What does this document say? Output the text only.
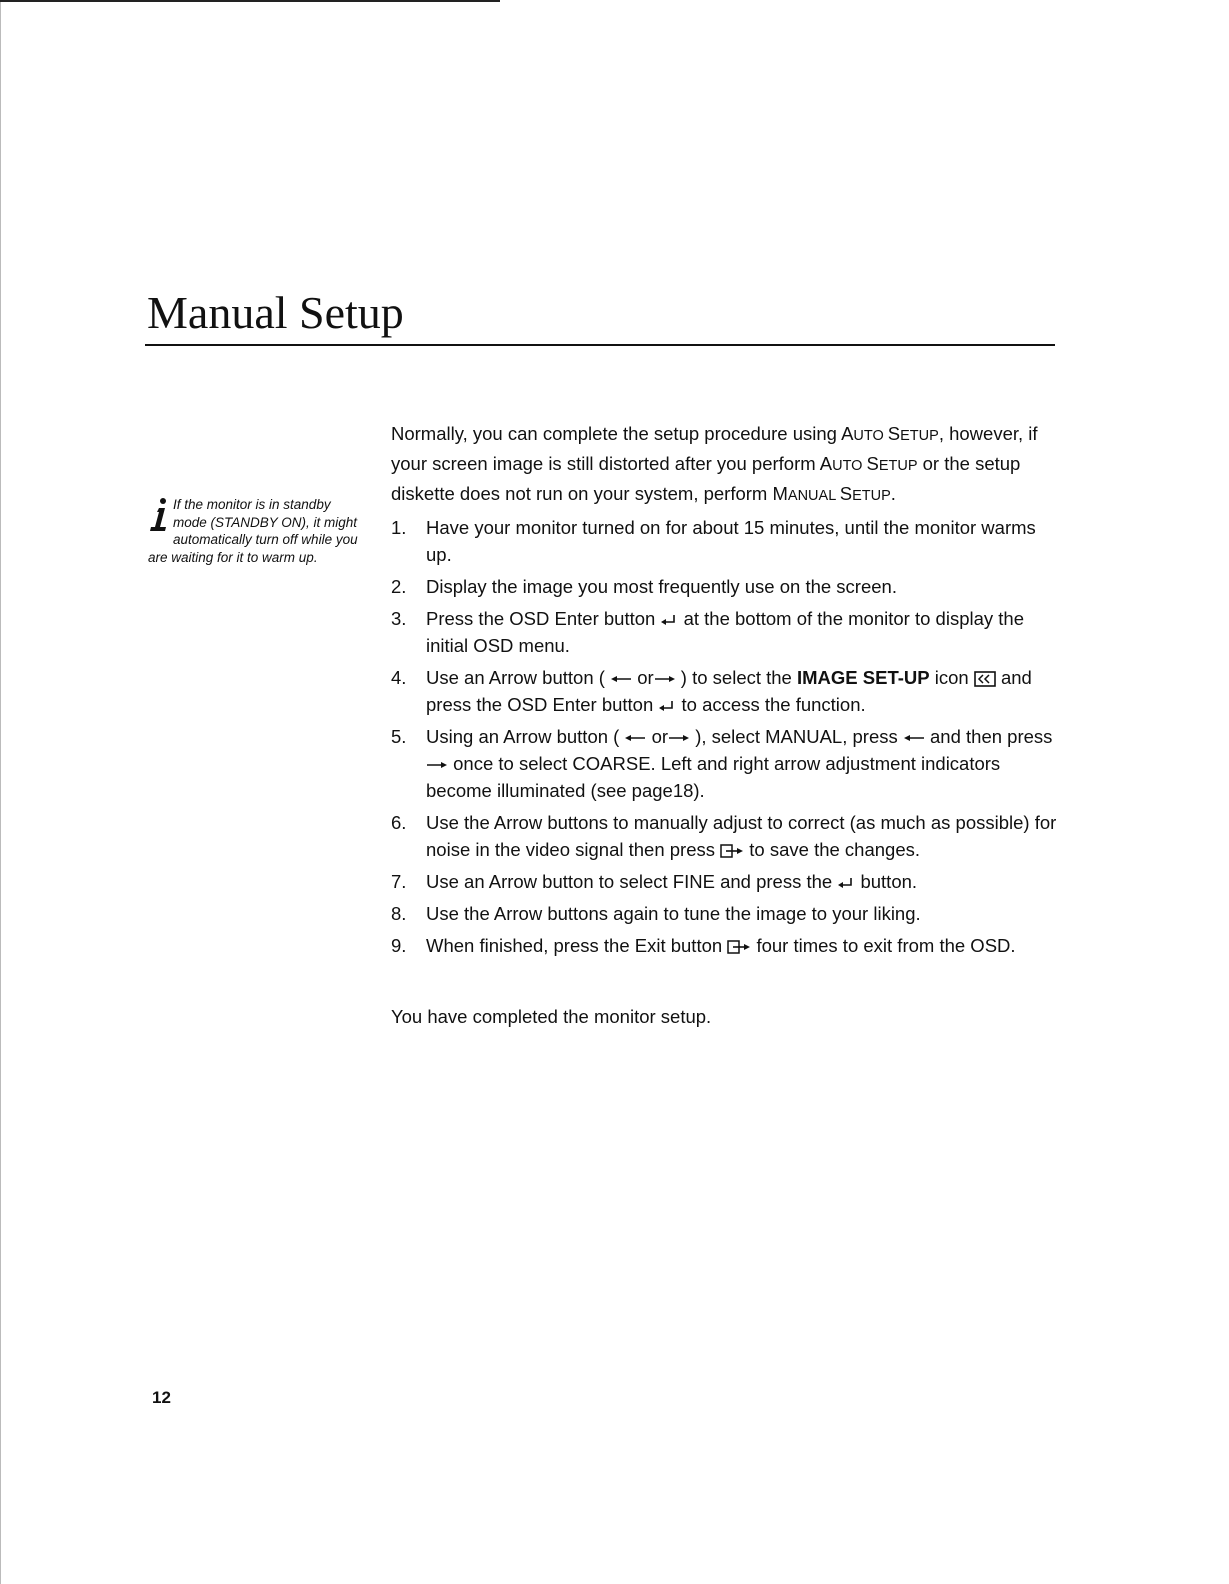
Manual Setup

If the monitor is in standby mode (STANDBY ON), it might automatically turn off while you are waiting for it to warm up.

Normally, you can complete the setup procedure using AUTO SETUP, however, if your screen image is still distorted after you perform AUTO SETUP or the setup diskette does not run on your system, perform MANUAL SETUP.

1. Have your monitor turned on for about 15 minutes, until the monitor warms up.
2. Display the image you most frequently use on the screen.
3. Press the OSD Enter button  at the bottom of the monitor to display the initial OSD menu.
4. Use an Arrow button (  or ) to select the IMAGE SET-UP icon  and press the OSD Enter button  to access the function.
5. Using an Arrow button (  or ), select MANUAL, press  and then press  once to select COARSE. Left and right arrow adjustment indicators become illuminated (see page18).
6. Use the Arrow buttons to manually adjust to correct (as much as possible) for noise in the video signal then press  to save the changes.
7. Use an Arrow button to select FINE and press the  button.
8. Use the Arrow buttons again to tune the image to your liking.
9. When finished, press the Exit button  four times to exit from the OSD.

You have completed the monitor setup.

12
